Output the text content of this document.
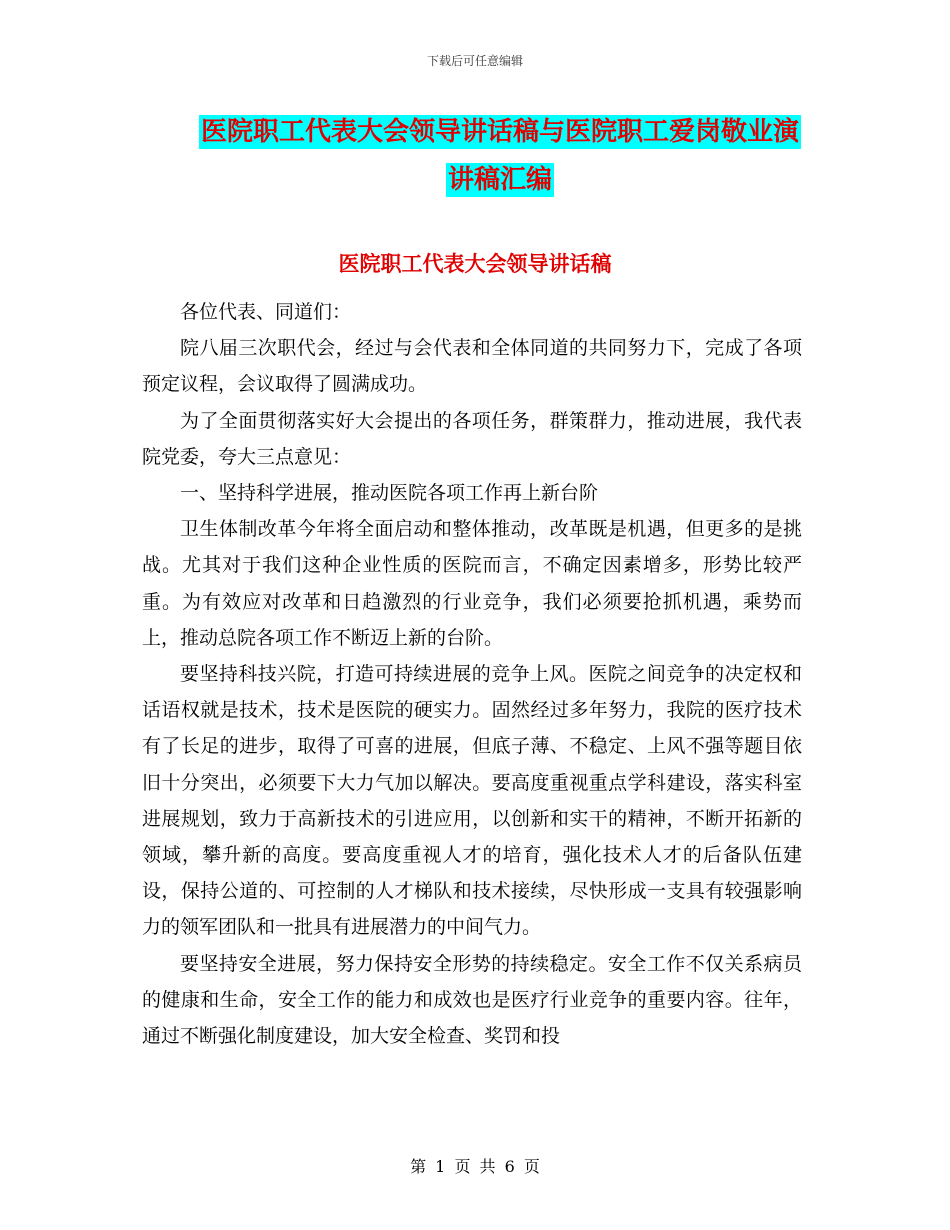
下载后可任意编辑
医院职工代表大会领导讲话稿与医院职工爱岗敬业演
讲稿汇编
医院职工代表大会领导讲话稿

各位代表、同道们：

院八届三次职代会，经过与会代表和全体同道的共同努力下，完成了各项预定议程，会议取得了圆满成功。

为了全面贯彻落实好大会提出的各项任务，群策群力，推动进展，我代表院党委，夸大三点意见：

一、坚持科学进展，推动医院各项工作再上新台阶

卫生体制改革今年将全面启动和整体推动，改革既是机遇，但更多的是挑战。尤其对于我们这种企业性质的医院而言，不确定因素增多，形势比较严重。为有效应对改革和日趋激烈的行业竞争，我们必须要抢抓机遇，乘势而上，推动总院各项工作不断迈上新的台阶。

要坚持科技兴院，打造可持续进展的竞争上风。医院之间竞争的决定权和话语权就是技术，技术是医院的硬实力。固然经过多年努力，我院的医疗技术有了长足的进步，取得了可喜的进展，但底子薄、不稳定、上风不强等题目依旧十分突出，必须要下大力气加以解决。要高度重视重点学科建设，落实科室进展规划，致力于高新技术的引进应用，以创新和实干的精神，不断开拓新的领域，攀升新的高度。要高度重视人才的培育，强化技术人才的后备队伍建设，保持公道的、可控制的人才梯队和技术接续，尽快形成一支具有较强影响力的领军团队和一批具有进展潜力的中间气力。

要坚持安全进展，努力保持安全形势的持续稳定。安全工作不仅关系病员的健康和生命，安全工作的能力和成效也是医疗行业竞争的重要内容。往年，通过不断强化制度建设，加大安全检查、奖罚和投

第 1 页 共 6 页
